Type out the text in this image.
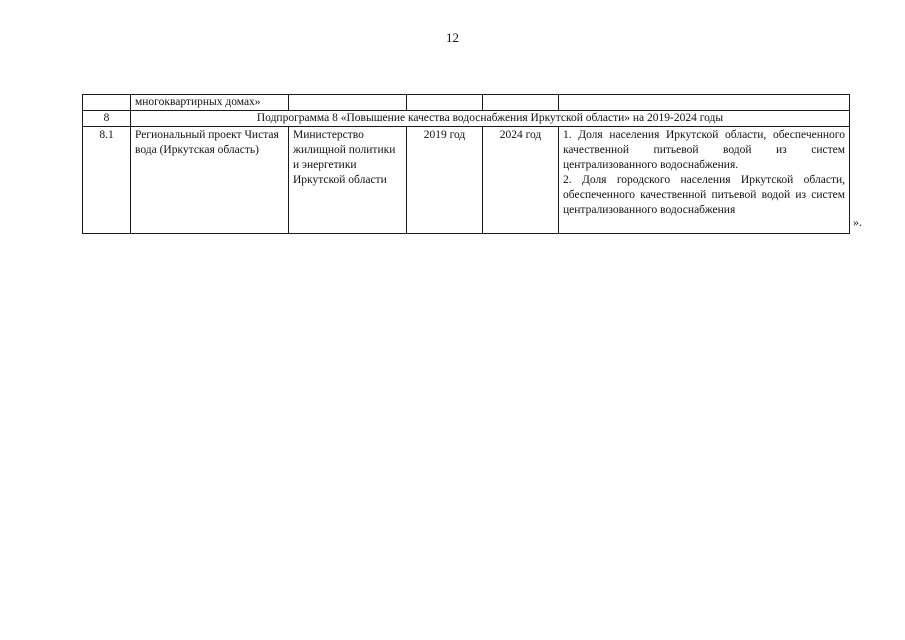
12
	многоквартирных домах»				
8	Подпрограмма 8 «Повышение качества водоснабжения Иркутской области» на 2019-2024 годы				
8.1	Региональный проект Чистая вода (Иркутская область)	Министерство жилищной политики и энергетики Иркутской области	2019 год	2024 год	1. Доля населения Иркутской области, обеспеченного качественной питьевой водой из систем централизованного водоснабжения.
2. Доля городского населения Иркутской области, обеспеченного качественной питьевой водой из систем централизованного водоснабжения
».
